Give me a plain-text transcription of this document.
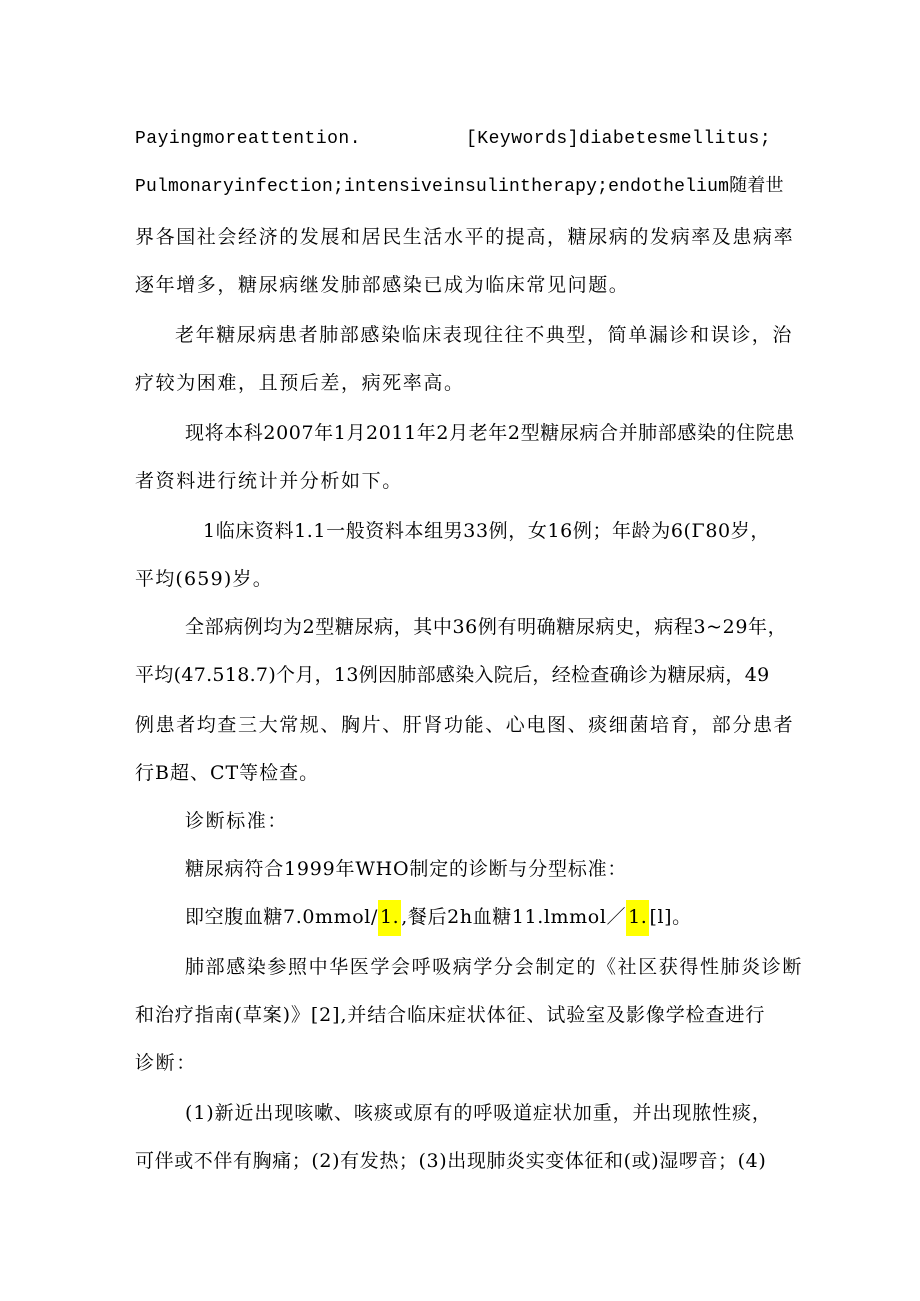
Payingmoreattention.	[Keywords]diabetesmellitus;
Pulmonaryinfection;intensiveinsulintherapy;endothelium随着世
界各国社会经济的发展和居民生活水平的提高，糖尿病的发病率及患病率
逐年增多，糖尿病继发肺部感染已成为临床常见问题。
老年糖尿病患者肺部感染临床表现往往不典型，简单漏诊和误诊，治
疗较为困难，且预后差，病死率高。
现将本科2007年1月2011年2月老年2型糖尿病合并肺部感染的住院患
者资料进行统计并分析如下。
1临床资料1.1一般资料本组男33例，女16例；年龄为6(Γ80岁，
平均(659)岁。
全部病例均为2型糖尿病，其中36例有明确糖尿病史，病程3~29年，
平均(47.518.7)个月，13例因肺部感染入院后，经检查确诊为糖尿病，49
例患者均查三大常规、胸片、肝肾功能、心电图、痰细菌培育，部分患者
行B超、CT等检查。
诊断标准：
糖尿病符合1999年WHO制定的诊断与分型标准：
即空腹血糖7.0mmol/ 1. ,餐后2h血糖11.lmmol／ 1. [l]。
肺部感染参照中华医学会呼吸病学分会制定的《社区获得性肺炎诊断
和治疗指南(草案)》[2],并结合临床症状体征、试验室及影像学检查进行
诊断：
(1)新近出现咳嗽、咳痰或原有的呼吸道症状加重，并出现脓性痰，
可伴或不伴有胸痛；(2)有发热；(3)出现肺炎实变体征和(或)湿啰音；(4)
